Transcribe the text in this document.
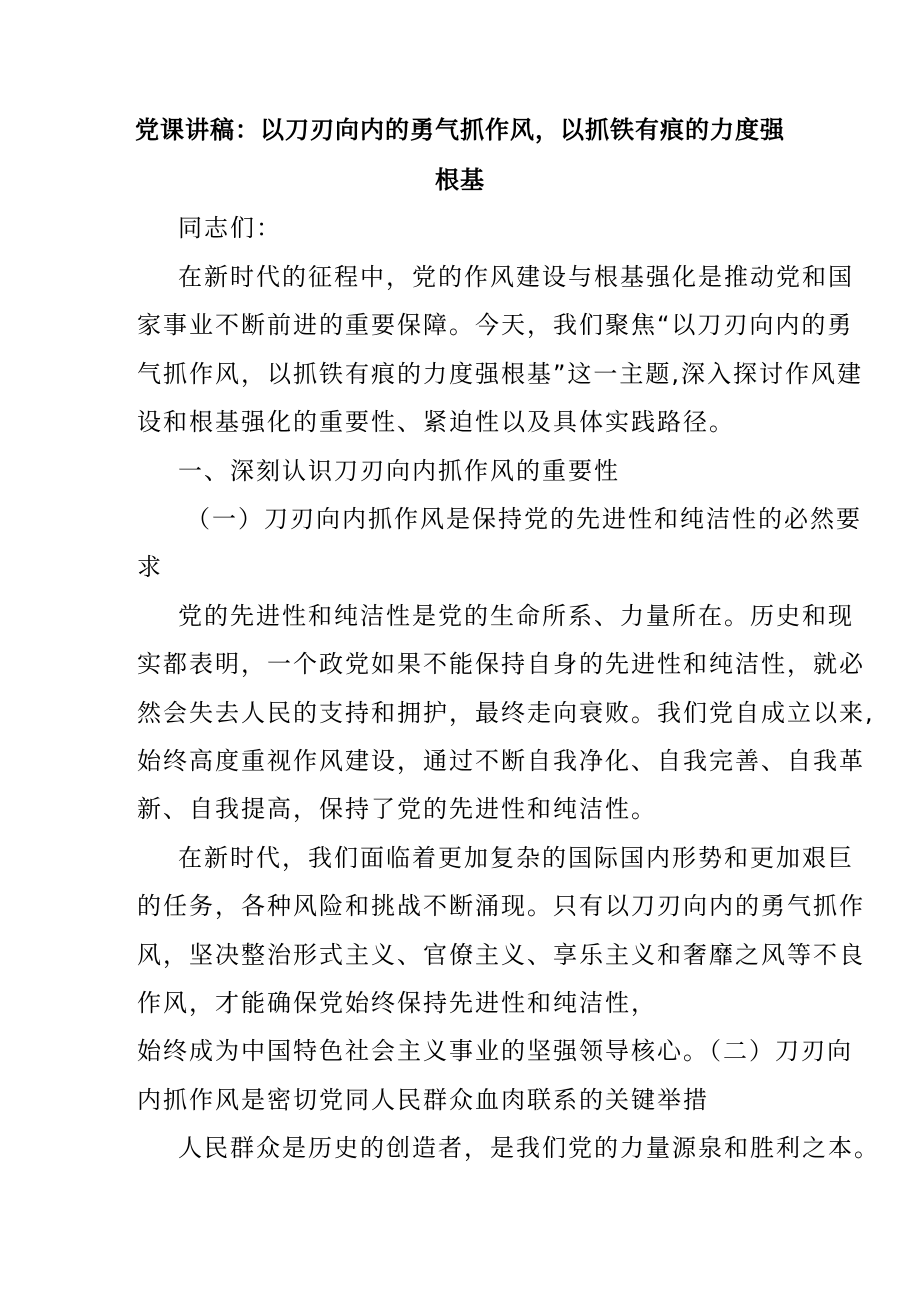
党课讲稿：以刀刃向内的勇气抓作风，以抓铁有痕的力度强
根基
同志们：
在新时代的征程中，党的作风建设与根基强化是推动党和国
家事业不断前进的重要保障。今天，我们聚焦“以刀刃向内的勇
气抓作风，以抓铁有痕的力度强根基”这一主题,深入探讨作风建
设和根基强化的重要性、紧迫性以及具体实践路径。
一、深刻认识刀刃向内抓作风的重要性
（一）刀刃向内抓作风是保持党的先进性和纯洁性的必然要
求
党的先进性和纯洁性是党的生命所系、力量所在。历史和现
实都表明，一个政党如果不能保持自身的先进性和纯洁性，就必
然会失去人民的支持和拥护，最终走向衰败。我们党自成立以来,
始终高度重视作风建设，通过不断自我净化、自我完善、自我革
新、自我提高，保持了党的先进性和纯洁性。
在新时代，我们面临着更加复杂的国际国内形势和更加艰巨
的任务，各种风险和挑战不断涌现。只有以刀刃向内的勇气抓作
风，坚决整治形式主义、官僚主义、享乐主义和奢靡之风等不良
作风，才能确保党始终保持先进性和纯洁性，
始终成为中国特色社会主义事业的坚强领导核心。（二）刀刃向
内抓作风是密切党同人民群众血肉联系的关键举措
人民群众是历史的创造者，是我们党的力量源泉和胜利之本。
